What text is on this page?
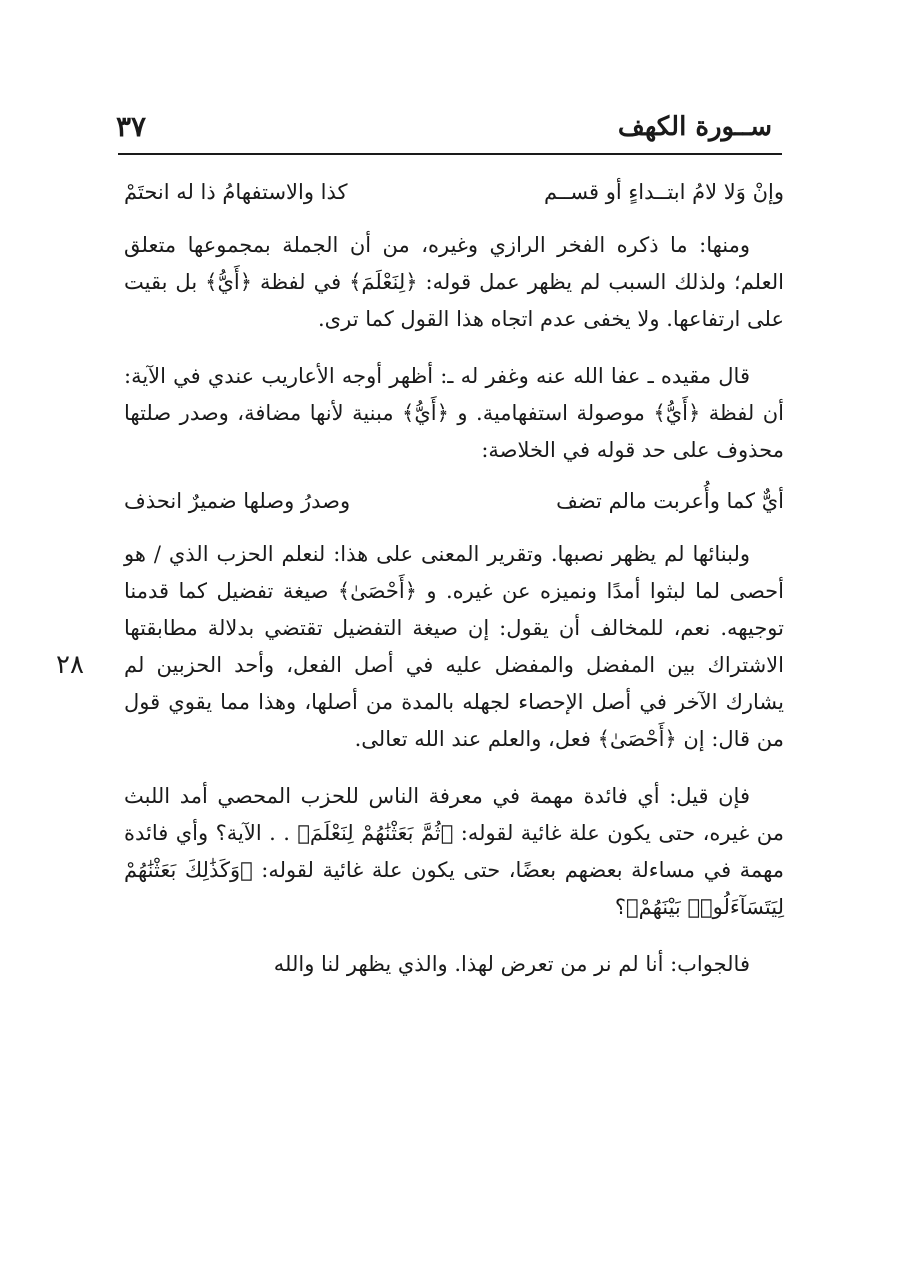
ســورة الكهف
٣٧
٢٨
وإنْ وَلا لامُ ابتــداءٍ أو قســم
كذا والاستفهامُ ذا له انحتَمْ

ومنها: ما ذكره الفخر الرازي وغيره، من أن الجملة بمجموعها متعلق العلم؛ ولذلك السبب لم يظهر عمل قوله: ﴿لِنَعْلَمَ﴾ في لفظة ﴿أَيُّ﴾ بل بقيت على ارتفاعها. ولا يخفى عدم اتجاه هذا القول كما ترى.

قال مقيده ـ عفا الله عنه وغفر له ـ: أظهر أوجه الأعاريب عندي في الآية: أن لفظة ﴿أَيُّ﴾ موصولة استفهامية. و ﴿أَيُّ﴾ مبنية لأنها مضافة، وصدر صلتها محذوف على حد قوله في الخلاصة:

أيٌّ كما وأُعربت مالم تضف
وصدرُ وصلها ضميرٌ انحذف

ولبنائها لم يظهر نصبها. وتقرير المعنى على هذا: لنعلم الحزب الذي / هو أحصى لما لبثوا أمدًا ونميزه عن غيره. و ﴿أَحْصَىٰ﴾ صيغة تفضيل كما قدمنا توجيهه. نعم، للمخالف أن يقول: إن صيغة التفضيل تقتضي بدلالة مطابقتها الاشتراك بين المفضل والمفضل عليه في أصل الفعل، وأحد الحزبين لم يشارك الآخر في أصل الإحصاء لجهله بالمدة من أصلها، وهذا مما يقوي قول من قال: إن ﴿أَحْصَىٰ﴾ فعل، والعلم عند الله تعالى.

فإن قيل: أي فائدة مهمة في معرفة الناس للحزب المحصي أمد اللبث من غيره، حتى يكون علة غائية لقوله: ﴿ثُمَّ بَعَثْنَٰهُمْ لِنَعْلَمَ﴾ . . الآية؟ وأي فائدة مهمة في مساءلة بعضهم بعضًا، حتى يكون علة غائية لقوله: ﴿وَكَذَٰلِكَ بَعَثْنَٰهُمْ لِيَتَسَآءَلُوا۟ بَيْنَهُمْ﴾؟

فالجواب: أنا لم نر من تعرض لهذا. والذي يظهر لنا والله
